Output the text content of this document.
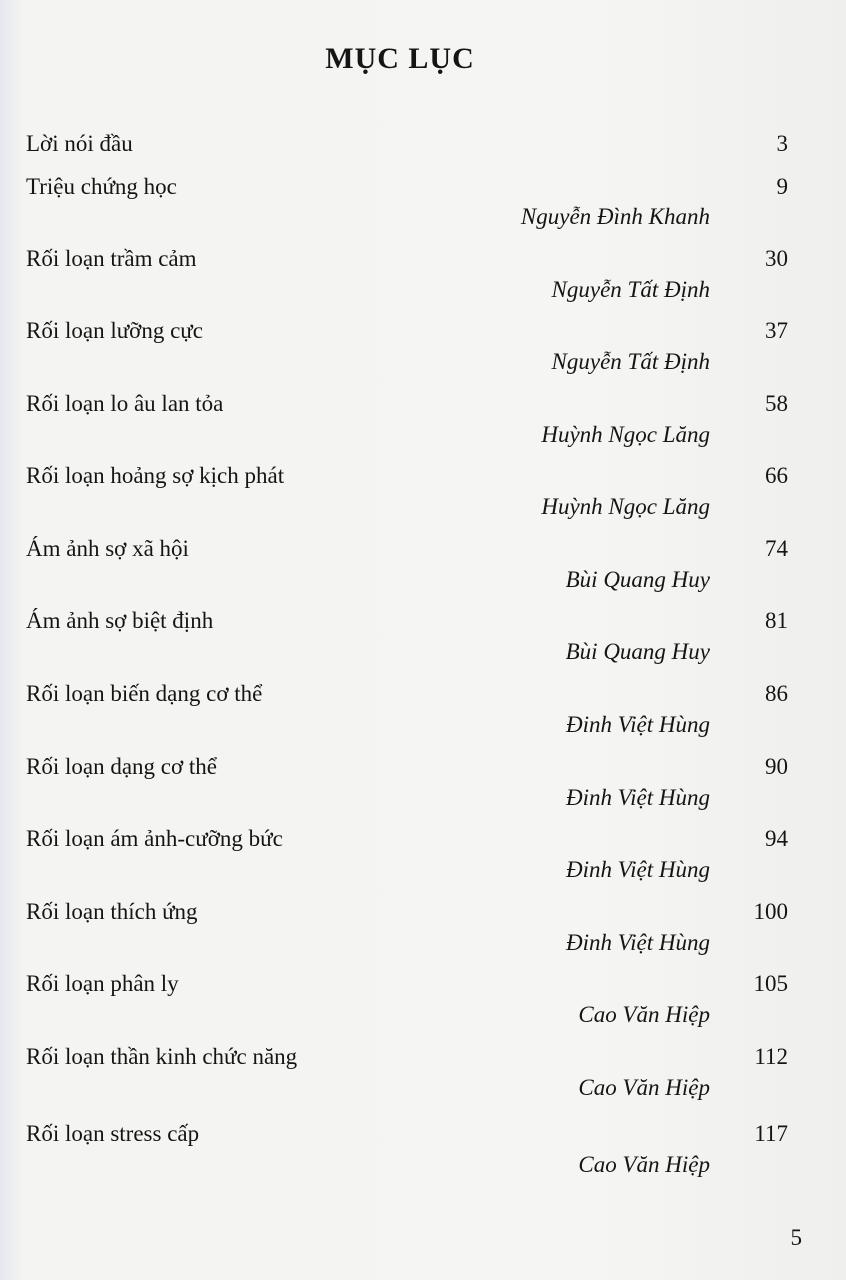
MỤC LỤC
Lời nói đầu	3
Triệu chứng học	9
Nguyễn Đình Khanh
Rối loạn trầm cảm	30
Nguyễn Tất Định
Rối loạn lưỡng cực	37
Nguyễn Tất Định
Rối loạn lo âu lan tỏa	58
Huỳnh Ngọc Lăng
Rối loạn hoảng sợ kịch phát	66
Huỳnh Ngọc Lăng
Ám ảnh sợ xã hội	74
Bùi Quang Huy
Ám ảnh sợ biệt định	81
Bùi Quang Huy
Rối loạn biến dạng cơ thể	86
Đinh Việt Hùng
Rối loạn dạng cơ thể	90
Đinh Việt Hùng
Rối loạn ám ảnh-cưỡng bức	94
Đinh Việt Hùng
Rối loạn thích ứng	100
Đinh Việt Hùng
Rối loạn phân ly	105
Cao Văn Hiệp
Rối loạn thần kinh chức năng	112
Cao Văn Hiệp
Rối loạn stress cấp	117
Cao Văn Hiệp
5
